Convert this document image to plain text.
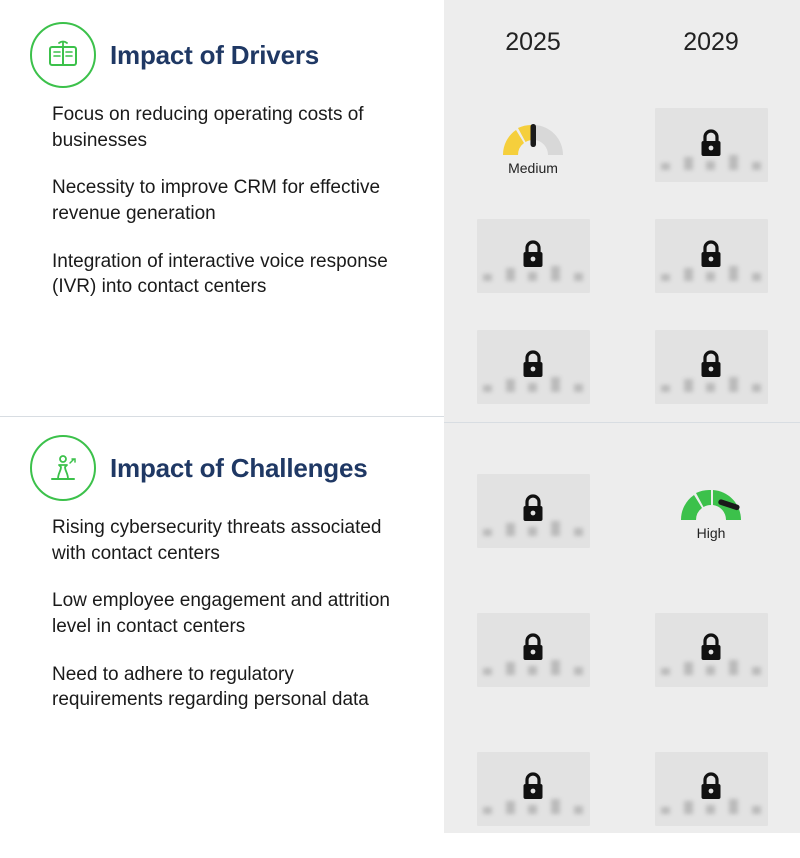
Impact of Drivers
Focus on reducing operating costs of businesses
Necessity to improve CRM for effective revenue generation
Integration of interactive voice response (IVR) into contact centers
Impact of Challenges
Rising cybersecurity threats associated with contact centers
Low employee engagement and attrition level in contact centers
Need to adhere to regulatory requirements regarding personal data
2025	2029
Medium
High
